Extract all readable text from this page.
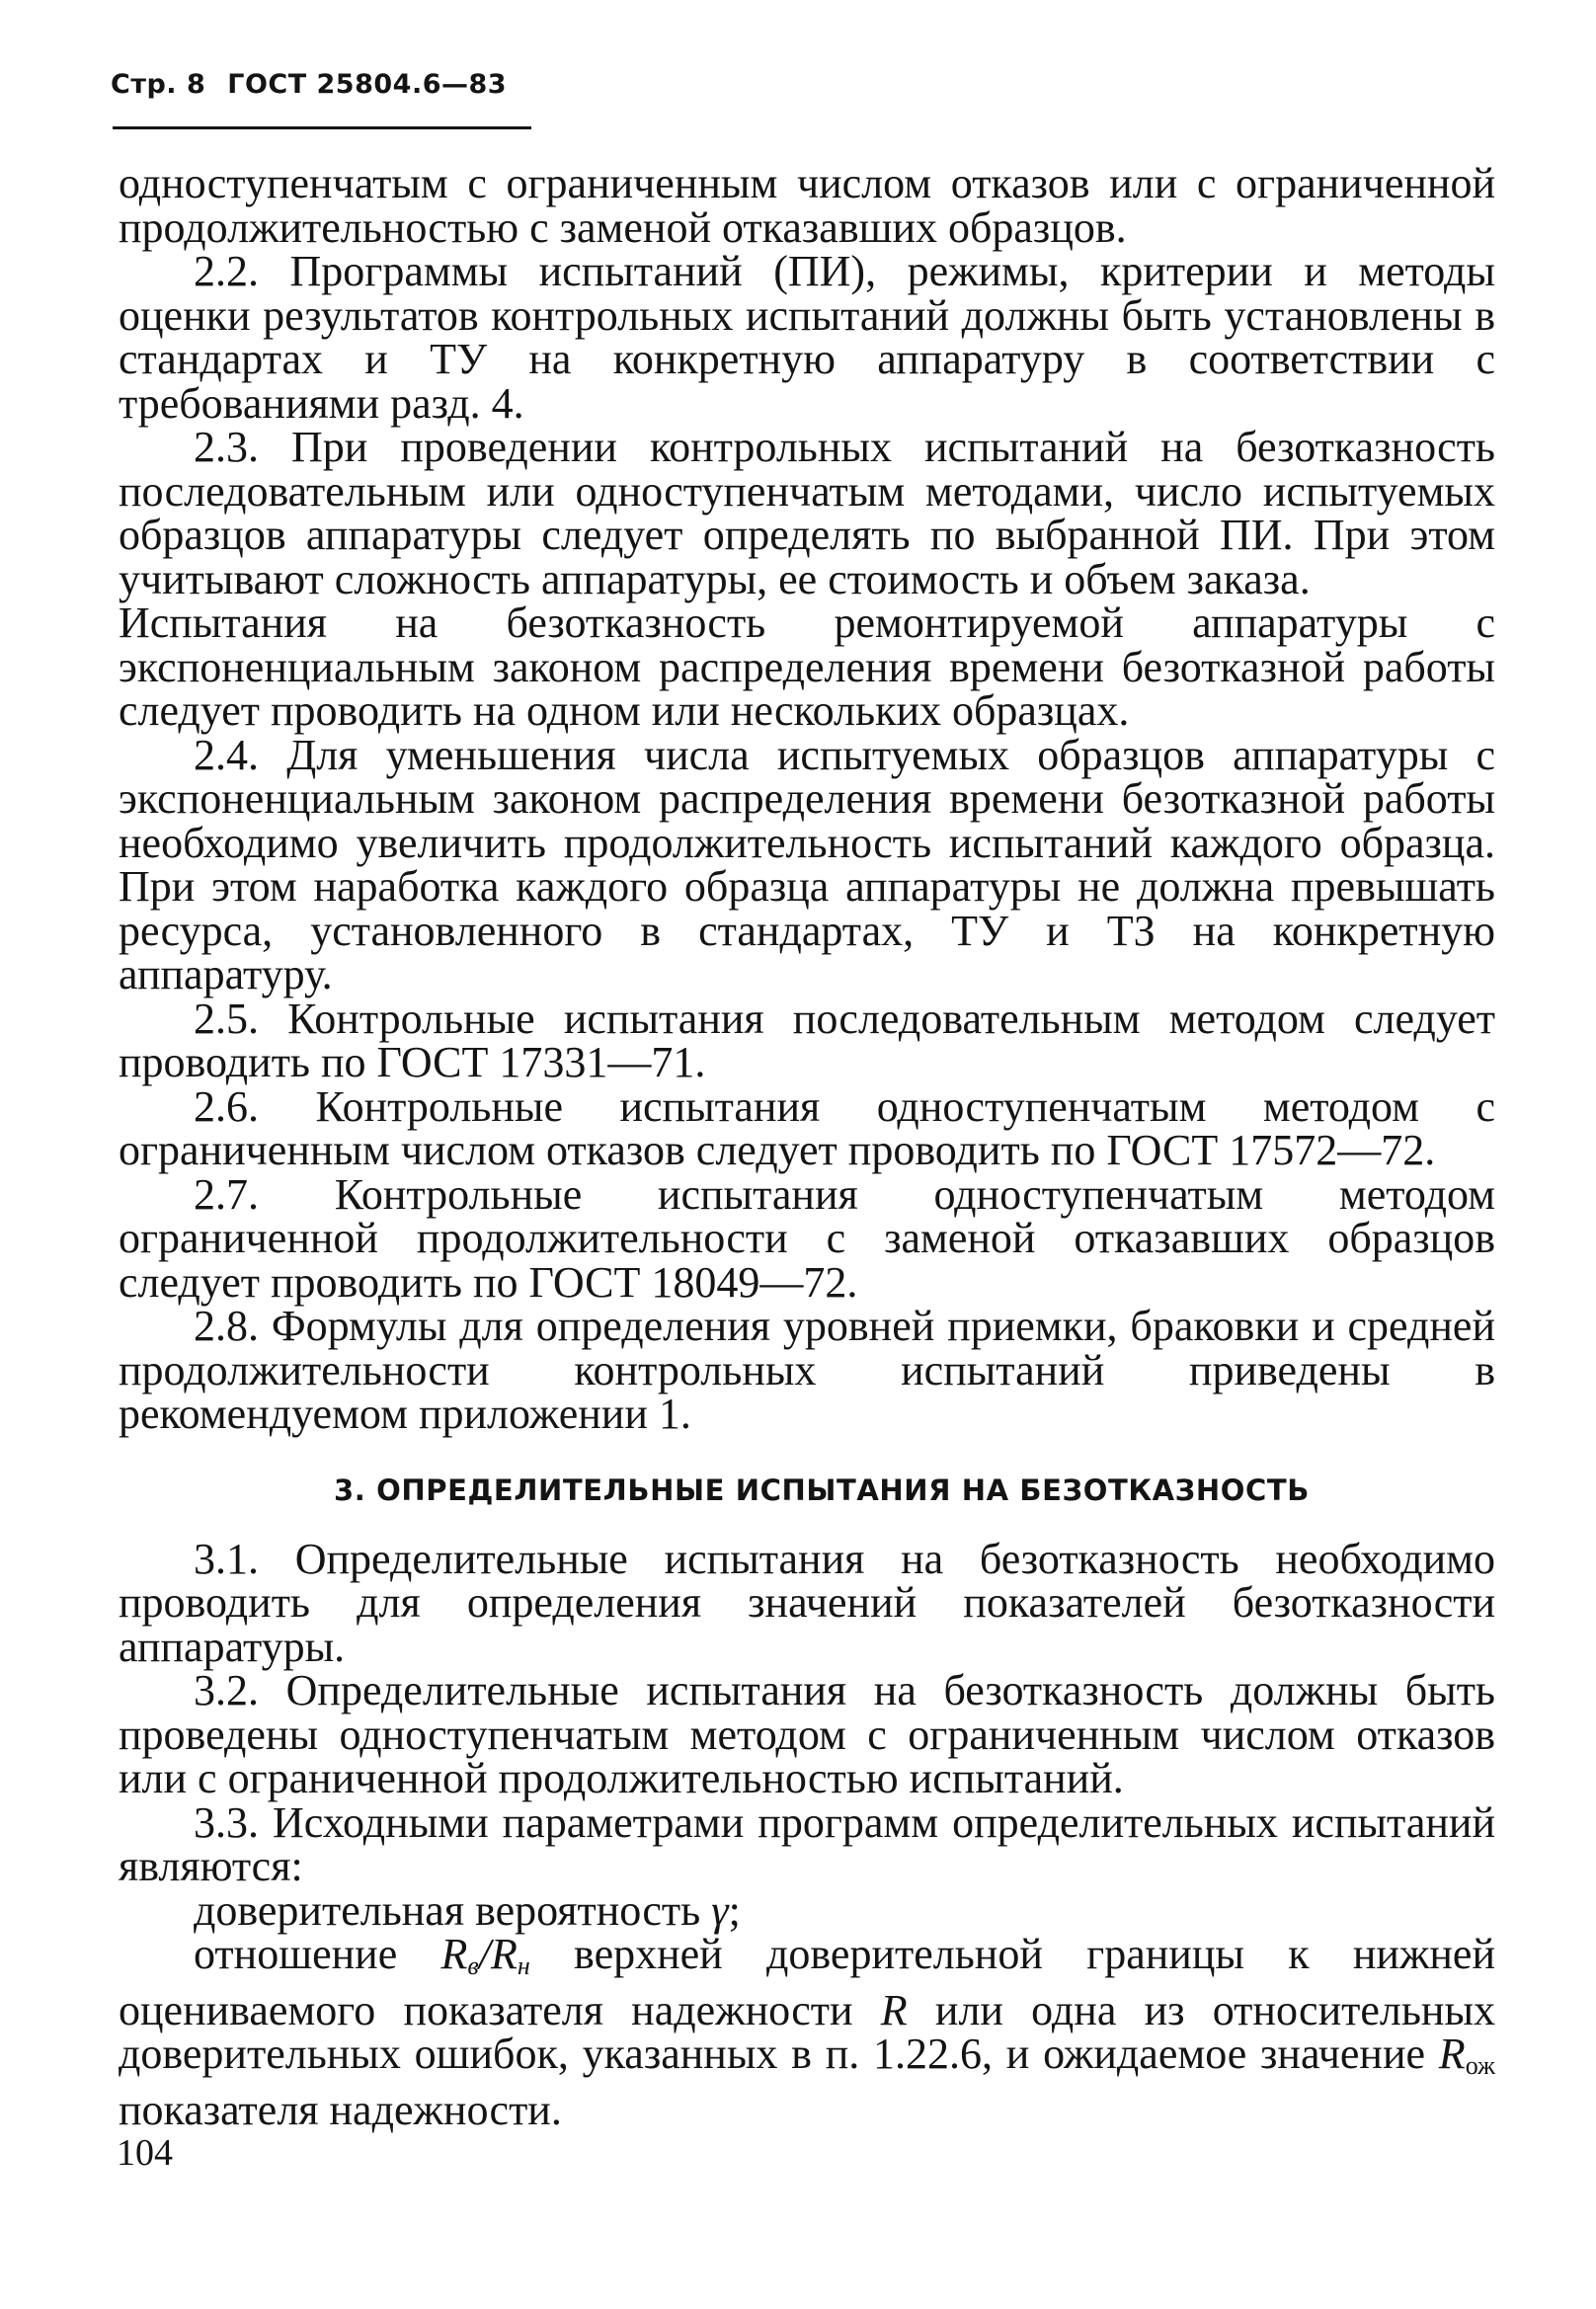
Стр. 8 ГОСТ 25804.6—83

одноступенчатым с ограниченным числом отказов или с ограниченной продолжительностью с заменой отказавших образцов.

2.2. Программы испытаний (ПИ), режимы, критерии и методы оценки результатов контрольных испытаний должны быть установлены в стандартах и ТУ на конкретную аппаратуру в соответствии с требованиями разд. 4.

2.3. При проведении контрольных испытаний на безотказность последовательным или одноступенчатым методами, число испытуемых образцов аппаратуры следует определять по выбранной ПИ. При этом учитывают сложность аппаратуры, ее стоимость и объем заказа.

Испытания на безотказность ремонтируемой аппаратуры с экспоненциальным законом распределения времени безотказной работы следует проводить на одном или нескольких образцах.

2.4. Для уменьшения числа испытуемых образцов аппаратуры с экспоненциальным законом распределения времени безотказной работы необходимо увеличить продолжительность испытаний каждого образца. При этом наработка каждого образца аппаратуры не должна превышать ресурса, установленного в стандартах, ТУ и ТЗ на конкретную аппаратуру.

2.5. Контрольные испытания последовательным методом следует проводить по ГОСТ 17331—71.

2.6. Контрольные испытания одноступенчатым методом с ограниченным числом отказов следует проводить по ГОСТ 17572—72.

2.7. Контрольные испытания одноступенчатым методом ограниченной продолжительности с заменой отказавших образцов следует проводить по ГОСТ 18049—72.

2.8. Формулы для определения уровней приемки, браковки и средней продолжительности контрольных испытаний приведены в рекомендуемом приложении 1.

3. ОПРЕДЕЛИТЕЛЬНЫЕ ИСПЫТАНИЯ НА БЕЗОТКАЗНОСТЬ

3.1. Определительные испытания на безотказность необходимо проводить для определения значений показателей безотказности аппаратуры.

3.2. Определительные испытания на безотказность должны быть проведены одноступенчатым методом с ограниченным числом отказов или с ограниченной продолжительностью испытаний.

3.3. Исходными параметрами программ определительных испытаний являются:

доверительная вероятность γ;

отношение Rв/Rн верхней доверительной границы к нижней оцениваемого показателя надежности R или одна из относительных доверительных ошибок, указанных в п. 1.22.6, и ожидаемое значение $R_{ож}$ показателя надежности.

104
